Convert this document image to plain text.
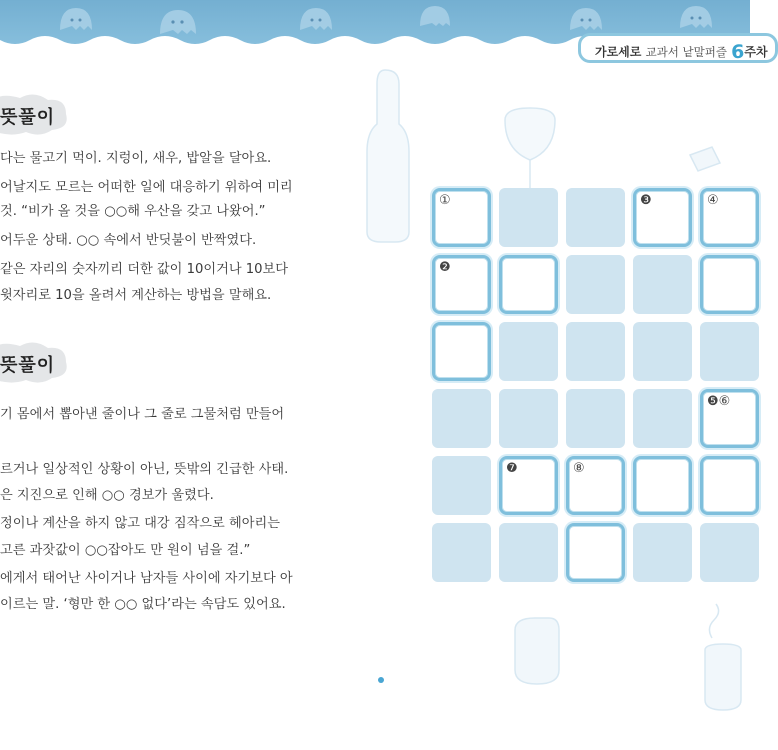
가로세로 교과서 낱말퍼즐 6주차
뜻풀이
다는 물고기 먹이. 지렁이, 새우, 밥알을 달아요.
어날지도 모르는 어떠한 일에 대응하기 위하여 미리
것. “비가 올 것을 ○○해 우산을 갖고 나왔어.”
어두운 상태. ○○ 속에서 반딧불이 반짝였다.
같은 자리의 숫자끼리 더한 값이 10이거나 10보다
윗자리로 10을 올려서 계산하는 방법을 말해요.
뜻풀이
기 몸에서 뽑아낸 줄이나 그 줄로 그물처럼 만들어
르거나 일상적인 상황이 아닌, 뜻밖의 긴급한 사태.
은 지진으로 인해 ○○ 경보가 울렸다.
정이나 계산을 하지 않고 대강 짐작으로 헤아리는
고른 과잣값이 ○○잡아도 만 원이 넘을 걸.”
에게서 태어난 사이거나 남자들 사이에 자기보다 아
이르는 말. ‘형만 한 ○○ 없다’라는 속담도 있어요.
①	❸	④
❷
❺⑥
❼	⑧
